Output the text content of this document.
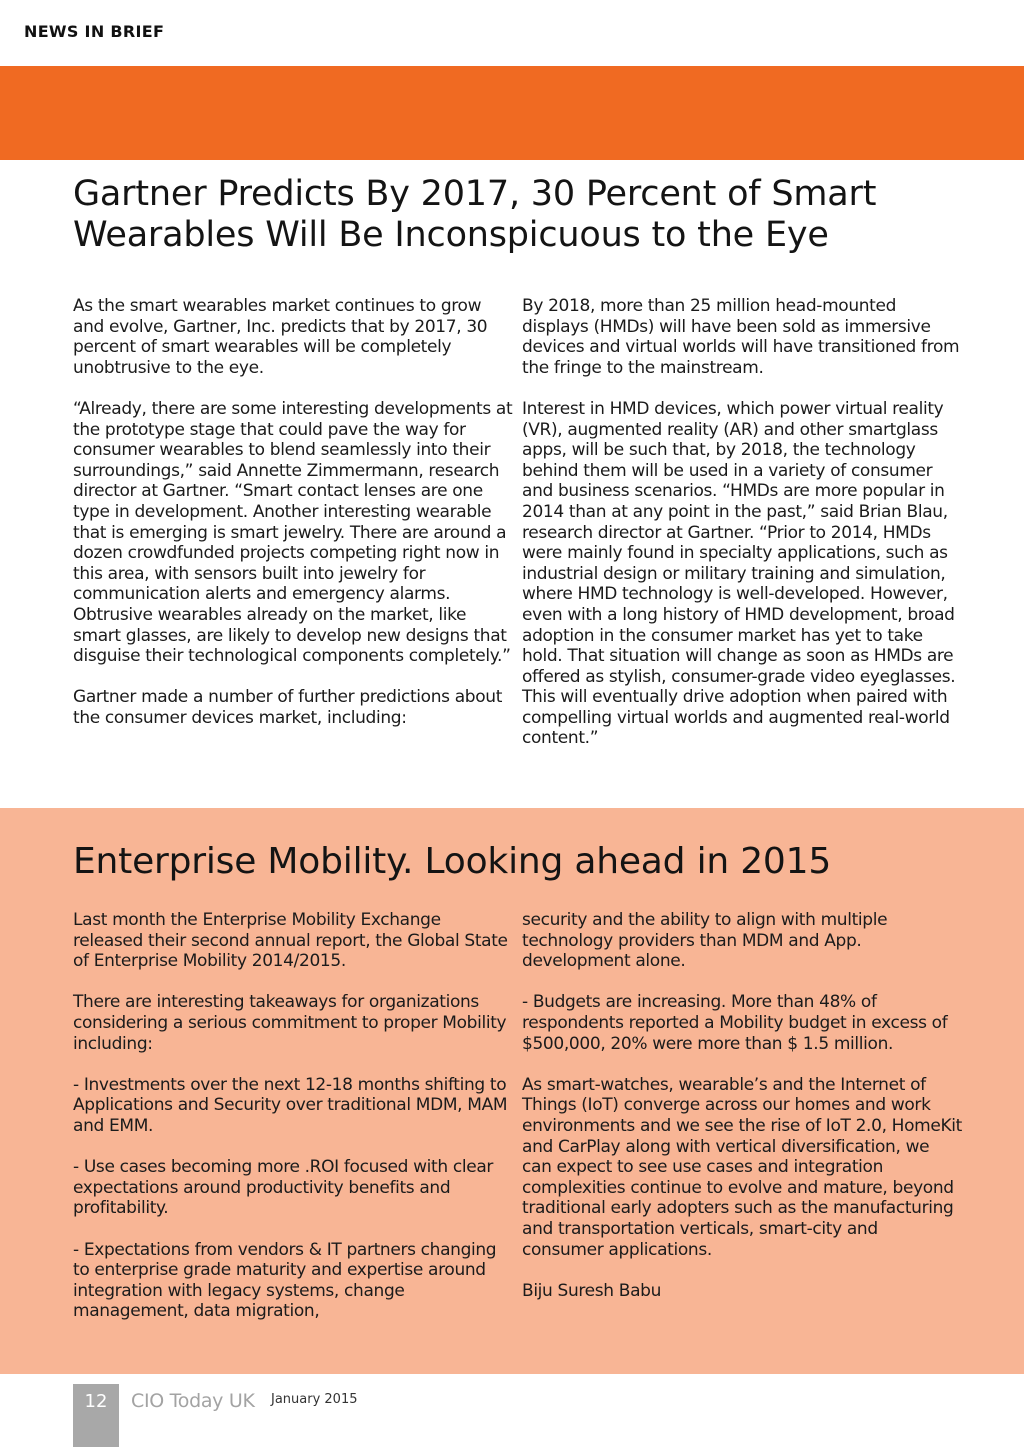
NEWS IN BRIEF
Gartner Predicts By 2017, 30 Percent of Smart
Wearables Will Be Inconspicuous to the Eye

As the smart wearables market continues to grow and evolve, Gartner, Inc. predicts that by 2017, 30 percent of smart wearables will be completely unobtrusive to the eye.

“Already, there are some interesting developments at the prototype stage that could pave the way for consumer wearables to blend seamlessly into their surroundings,” said Annette Zimmermann, research director at Gartner. “Smart contact lenses are one type in development. Another interesting wearable that is emerging is smart jewelry. There are around a dozen crowdfunded projects competing right now in this area, with sensors built into jewelry for communication alerts and emergency alarms. Obtrusive wearables already on the market, like smart glasses, are likely to develop new designs that disguise their technological components completely.”

Gartner made a number of further predictions about the consumer devices market, including:

By 2018, more than 25 million head-mounted displays (HMDs) will have been sold as immersive devices and virtual worlds will have transitioned from the fringe to the mainstream.

Interest in HMD devices, which power virtual reality (VR), augmented reality (AR) and other smartglass apps, will be such that, by 2018, the technology behind them will be used in a variety of consumer and business scenarios. “HMDs are more popular in 2014 than at any point in the past,” said Brian Blau, research director at Gartner. “Prior to 2014, HMDs were mainly found in specialty applications, such as industrial design or military training and simulation, where HMD technology is well-developed. However, even with a long history of HMD development, broad adoption in the consumer market has yet to take hold. That situation will change as soon as HMDs are offered as stylish, consumer-grade video eyeglasses. This will eventually drive adoption when paired with compelling virtual worlds and augmented real-world content.”

Enterprise Mobility. Looking ahead in 2015

Last month the Enterprise Mobility Exchange released their second annual report, the Global State of Enterprise Mobility 2014/2015.

There are interesting takeaways for organizations considering a serious commitment to proper Mobility including:

- Investments over the next 12-18 months shifting to Applications and Security over traditional MDM, MAM and EMM.

- Use cases becoming more .ROI focused with clear expectations around productivity benefits and profitability.

- Expectations from vendors & IT partners changing to enterprise grade maturity and expertise around integration with legacy systems, change management, data migration,

security and the ability to align with multiple technology providers than MDM and App. development alone.

- Budgets are increasing. More than 48% of respondents reported a Mobility budget in excess of $500,000, 20% were more than $ 1.5 million.

As smart-watches, wearable’s and the Internet of Things (IoT) converge across our homes and work environments and we see the rise of IoT 2.0, HomeKit and CarPlay along with vertical diversification, we can expect to see use cases and integration complexities continue to evolve and mature, beyond traditional early adopters such as the manufacturing and transportation verticals, smart-city and consumer applications.

Biju Suresh Babu

12	CIO Today UK January 2015
